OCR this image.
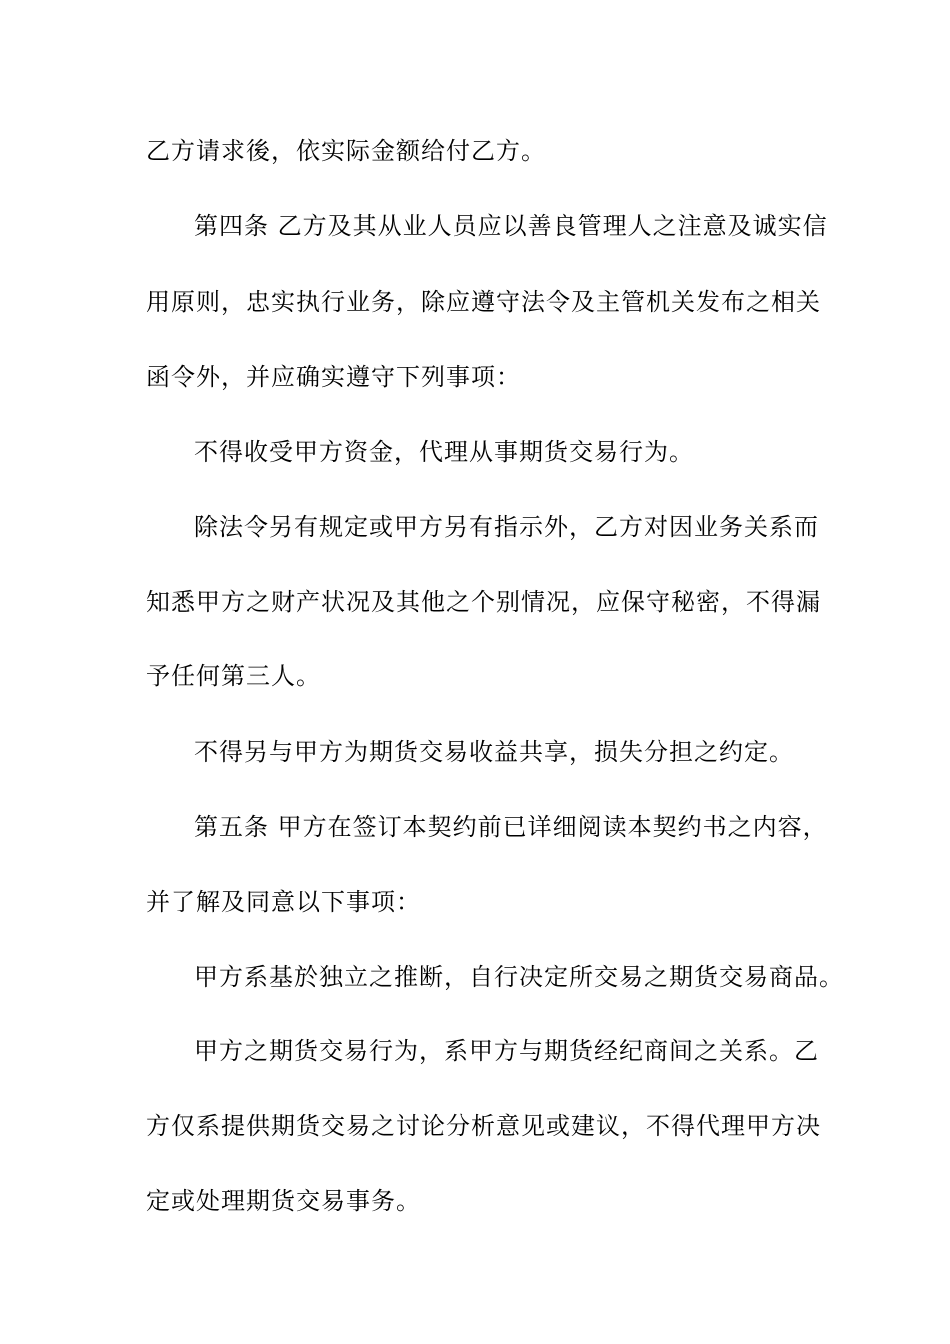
乙方请求後，依实际金额给付乙方。
第四条 乙方及其从业人员应以善良管理人之注意及诚实信
用原则，忠实执行业务，除应遵守法令及主管机关发布之相关
函令外，并应确实遵守下列事项：
不得收受甲方资金，代理从事期货交易行为。
除法令另有规定或甲方另有指示外，乙方对因业务关系而
知悉甲方之财产状况及其他之个别情况，应保守秘密，不得漏
予任何第三人。
不得另与甲方为期货交易收益共享，损失分担之约定。
第五条 甲方在签订本契约前已详细阅读本契约书之内容，
并了解及同意以下事项：
甲方系基於独立之推断，自行决定所交易之期货交易商品。
甲方之期货交易行为，系甲方与期货经纪商间之关系。乙
方仅系提供期货交易之讨论分析意见或建议，不得代理甲方决
定或处理期货交易事务。
